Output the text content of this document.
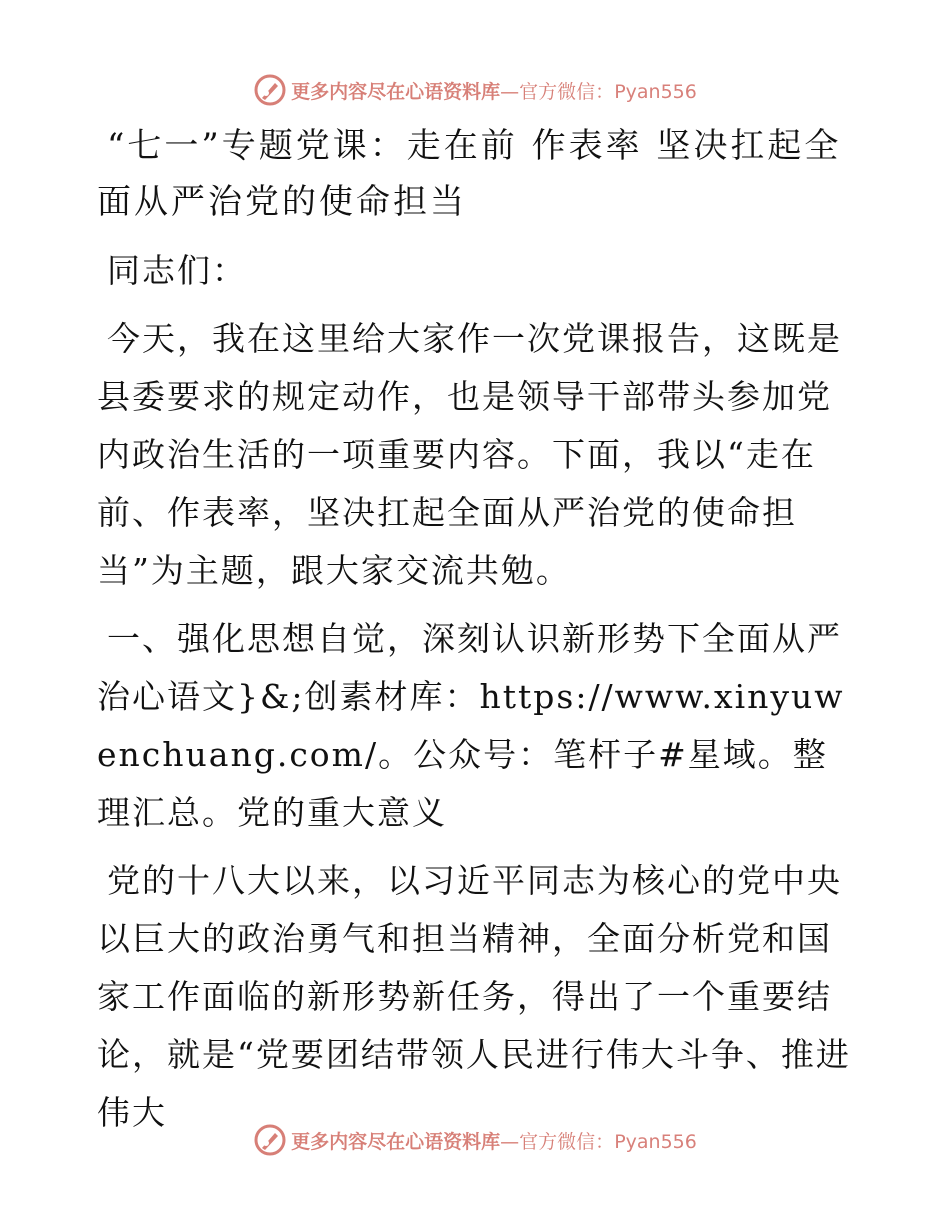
更多内容尽在心语资料库—官方微信：Pyan556
“七一”专题党课：走在前 作表率 坚决扛起全面从严治党的使命担当
同志们：
今天，我在这里给大家作一次党课报告，这既是县委要求的规定动作，也是领导干部带头参加党内政治生活的一项重要内容。下面，我以“走在前、作表率，坚决扛起全面从严治党的使命担当”为主题，跟大家交流共勉。
一、强化思想自觉，深刻认识新形势下全面从严治心语文}&;创素材库：https://www.xinyuwenchuang.com/。公众号：笔杆子#星域。整理汇总。党的重大意义
党的十八大以来，以习近平同志为核心的党中央以巨大的政治勇气和担当精神，全面分析党和国家工作面临的新形势新任务，得出了一个重要结论，就是“党要团结带领人民进行伟大斗争、推进伟大
更多内容尽在心语资料库—官方微信：Pyan556
